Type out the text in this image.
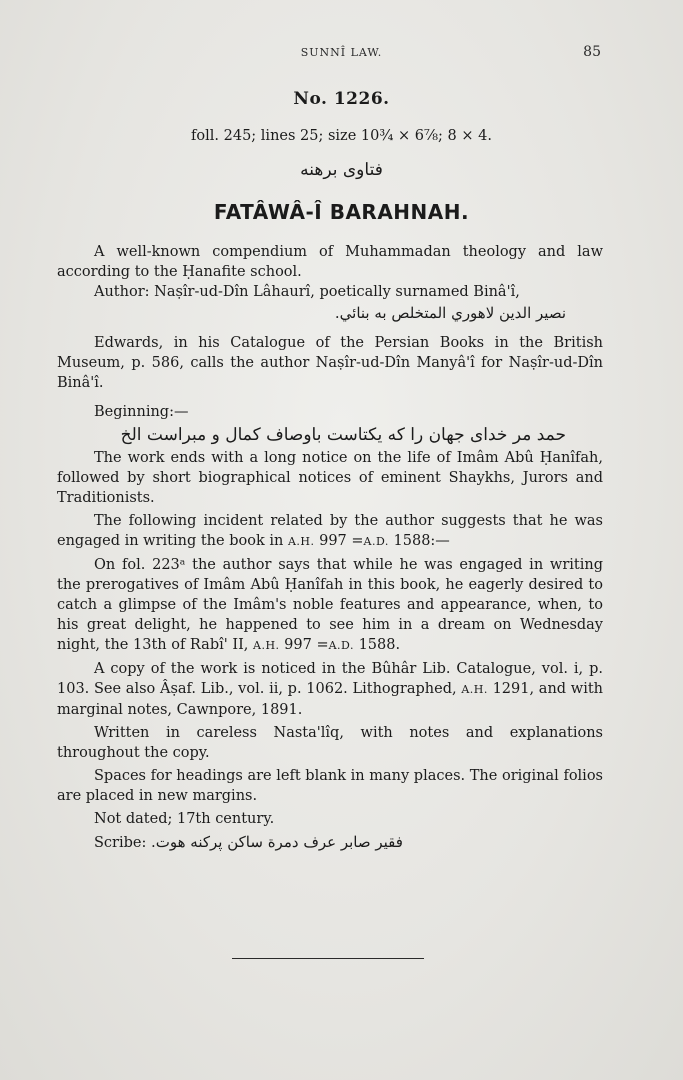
SUNNÎ LAW.	85
No. 1226.
foll. 245; lines 25; size 10¾ × 6⅞; 8 × 4.
فتاوی برهنه
FATÂWÂ-Î BARAHNAH.

A well-known compendium of Muhammadan theology and law according to the Ḥanafite school.

Author: Naṣîr-ud-Dîn Lâhaurî, poetically surnamed Binâ'î,

نصیر الدین لاهوري المتخلص به بنائي.

Edwards, in his Catalogue of the Persian Books in the British Museum, p. 586, calls the author Naṣîr-ud-Dîn Manyâ'î for Naṣîr-ud-Dîn Binâ'î.

Beginning:—

حمد مر خدای جهان را که یکتاست باوصاف کمال و مبراست الخ

The work ends with a long notice on the life of Imâm Abû Ḥanîfah, followed by short biographical notices of eminent Shaykhs, Jurors and Traditionists.

The following incident related by the author suggests that he was engaged in writing the book in A.H. 997 =A.D. 1588:—

On fol. 223ᵃ the author says that while he was engaged in writing the prerogatives of Imâm Abû Ḥanîfah in this book, he eagerly desired to catch a glimpse of the Imâm's noble features and appearance, when, to his great delight, he happened to see him in a dream on Wednesday night, the 13th of Rabî' II, A.H. 997 =A.D. 1588.

A copy of the work is noticed in the Bûhâr Lib. Catalogue, vol. i, p. 103. See also Âṣaf. Lib., vol. ii, p. 1062. Lithographed, A.H. 1291, and with marginal notes, Cawnpore, 1891.

Written in careless Nasta'lîq, with notes and explanations throughout the copy.

Spaces for headings are left blank in many places. The original folios are placed in new margins.

Not dated; 17th century.

Scribe: فقیر صابر عرف دمرة ساکن پرکنه هوت.
